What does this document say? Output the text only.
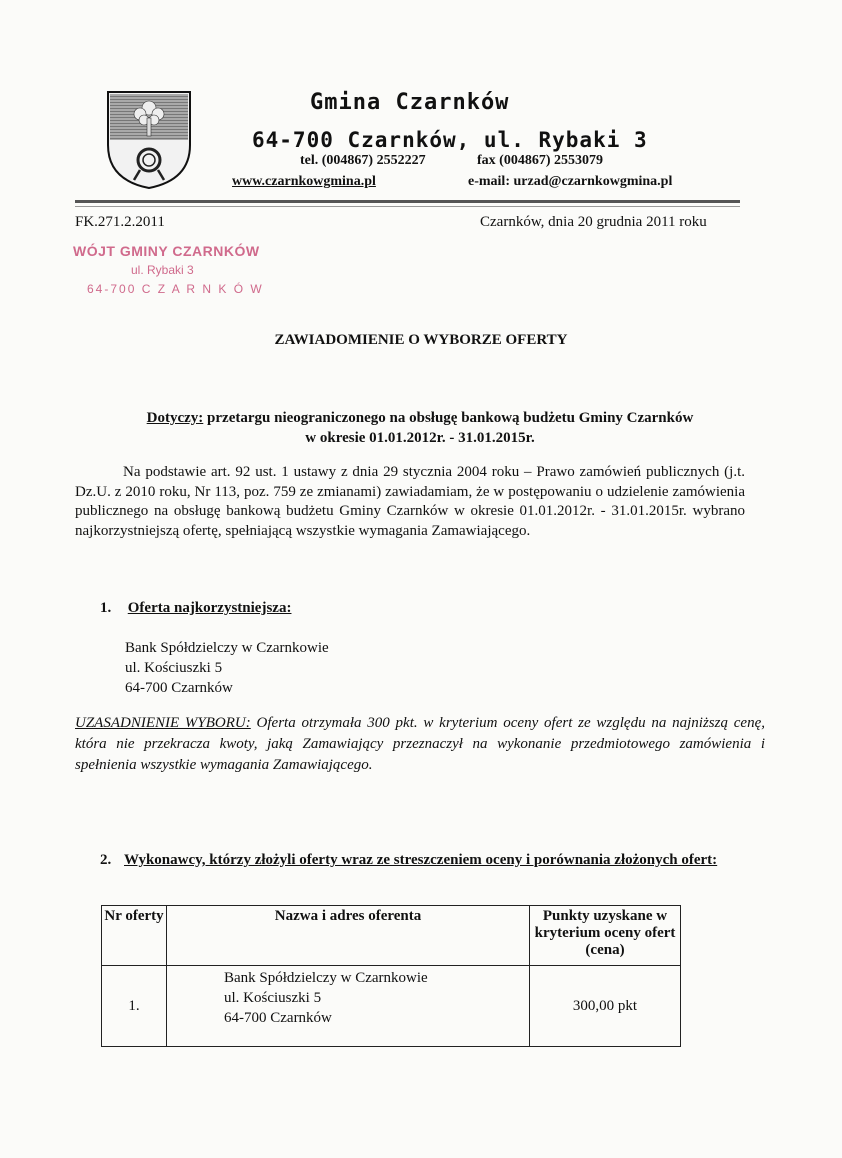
Gmina Czarnków
64-700 Czarnków, ul. Rybaki 3
tel. (004867) 2552227	fax (004867) 2553079
www.czarnkowgmina.pl	e-mail: urzad@czarnkowgmina.pl
FK.271.2.2011	Czarnków, dnia 20 grudnia 2011 roku
WÓJT GMINY CZARNKÓW
ul. Rybaki 3
64-700 C Z A R N K Ó W
ZAWIADOMIENIE O WYBORZE OFERTY
Dotyczy: przetargu nieograniczonego na obsługę bankową budżetu Gminy Czarnków
w okresie 01.01.2012r. - 31.01.2015r.
Na podstawie art. 92 ust. 1 ustawy z dnia 29 stycznia 2004 roku – Prawo zamówień publicznych (j.t. Dz.U. z 2010 roku, Nr 113, poz. 759 ze zmianami) zawiadamiam, że w postępowaniu o udzielenie zamówienia publicznego na obsługę bankową budżetu Gminy Czarnków w okresie 01.01.2012r. - 31.01.2015r. wybrano najkorzystniejszą ofertę, spełniającą wszystkie wymagania Zamawiającego.
1. Oferta najkorzystniejsza:
Bank Spółdzielczy w Czarnkowie
ul. Kościuszki 5
64-700 Czarnków
UZASADNIENIE WYBORU: Oferta otrzymała 300 pkt. w kryterium oceny ofert ze względu na najniższą cenę, która nie przekracza kwoty, jaką Zamawiający przeznaczył na wykonanie przedmiotowego zamówienia i spełnienia wszystkie wymagania Zamawiającego.
2. Wykonawcy, którzy złożyli oferty wraz ze streszczeniem oceny i porównania złożonych ofert:
Nr oferty	Nazwa i adres oferenta	Punkty uzyskane w kryterium oceny ofert (cena)
1.	Bank Spółdzielczy w Czarnkowie
ul. Kościuszki 5
64-700 Czarnków	300,00 pkt
